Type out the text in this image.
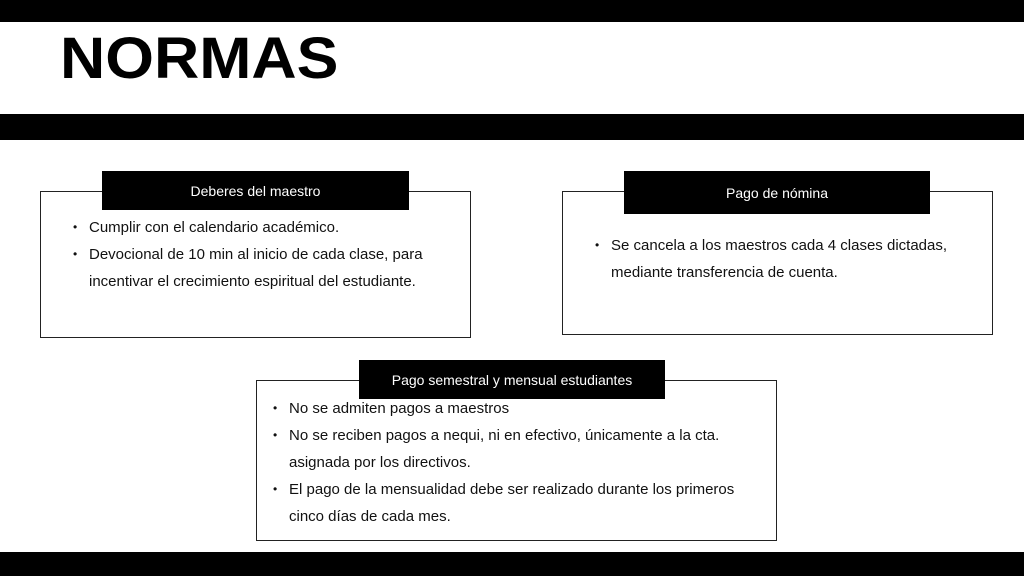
NORMAS
• Cumplir con el calendario académico.
• Devocional de 10 min al inicio de cada clase, para incentivar el crecimiento espiritual del estudiante.
Deberes del maestro
• Se cancela a los maestros cada 4 clases dictadas, mediante transferencia de cuenta.
Pago de nómina
• No se admiten pagos a maestros
• No se reciben pagos a nequi, ni en efectivo, únicamente a la cta. asignada por los directivos.
• El pago de la mensualidad debe ser realizado durante los primeros cinco días de cada mes.
Pago semestral y mensual estudiantes
